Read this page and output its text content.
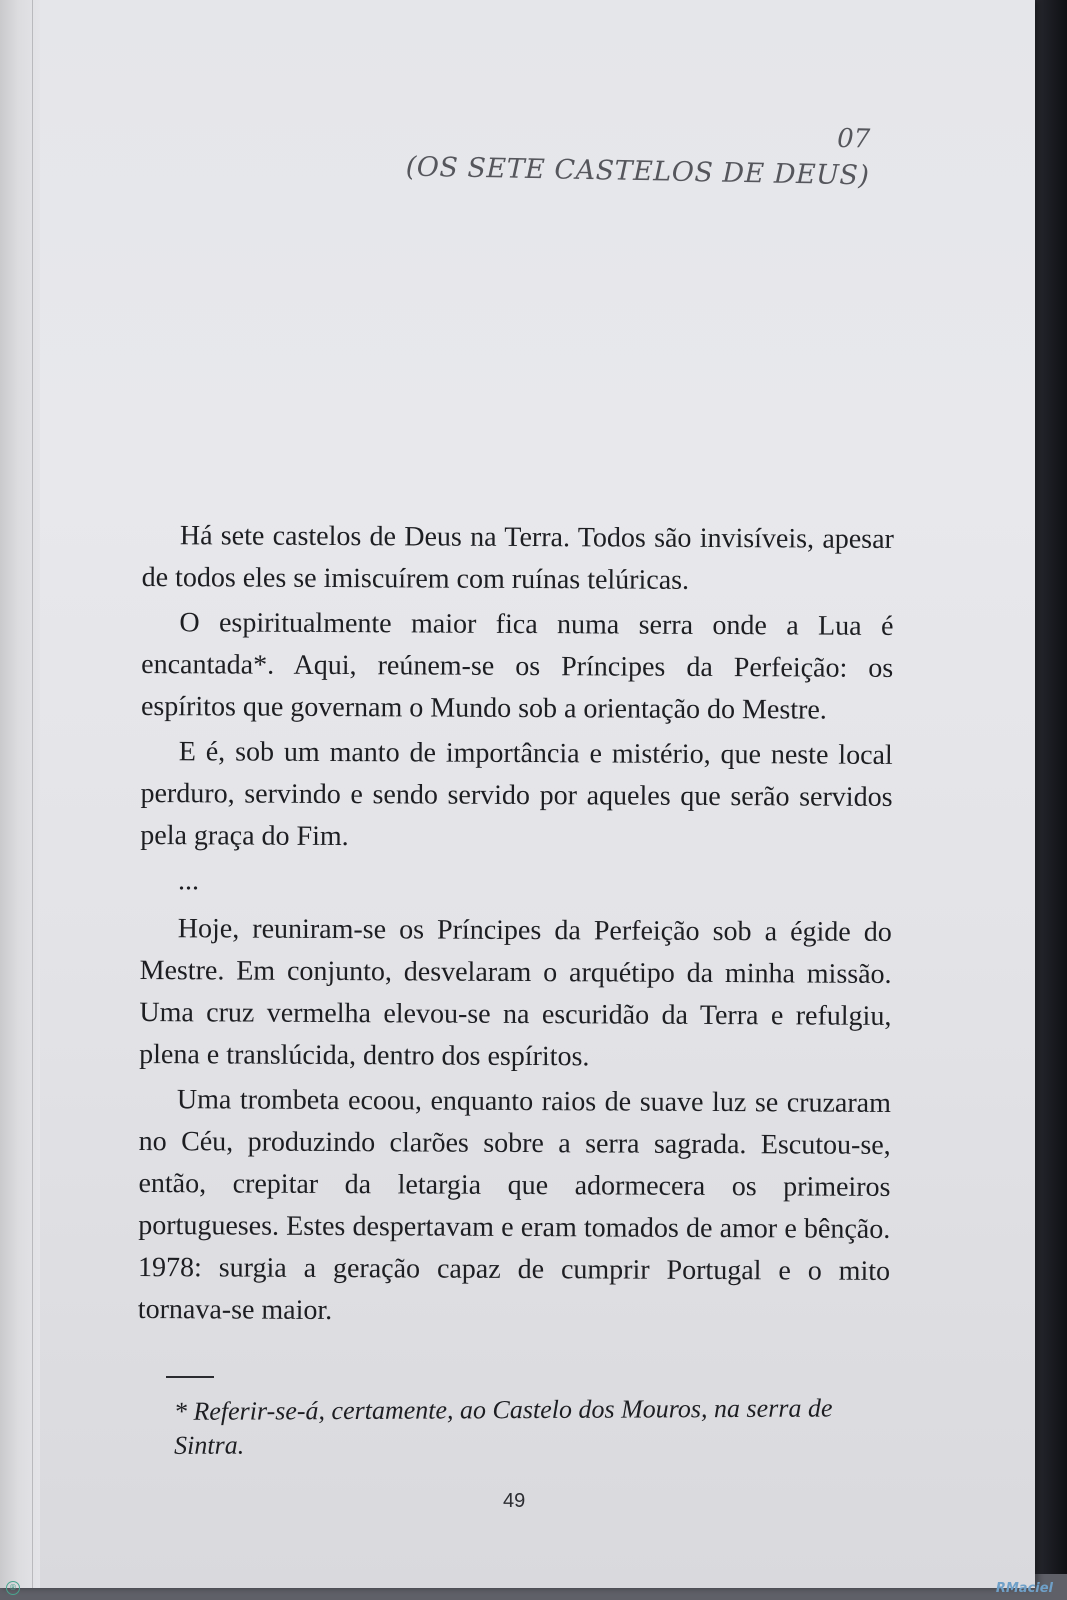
07
(OS SETE CASTELOS DE DEUS)

Há sete castelos de Deus na Terra. Todos são invisíveis, apesar de todos eles se imiscuírem com ruínas telúricas.

O espiritualmente maior fica numa serra onde a Lua é encantada*. Aqui, reúnem-se os Príncipes da Perfeição: os espíritos que governam o Mundo sob a orientação do Mestre.

E é, sob um manto de importância e mistério, que neste local perduro, servindo e sendo servido por aqueles que serão servidos pela graça do Fim.

...

Hoje, reuniram-se os Príncipes da Perfeição sob a égide do Mestre. Em conjunto, desvelaram o arquétipo da minha missão. Uma cruz vermelha elevou-se na escuridão da Terra e refulgiu, plena e translúcida, dentro dos espíritos.

Uma trombeta ecoou, enquanto raios de suave luz se cruzaram no Céu, produzindo clarões sobre a serra sagrada. Escutou-se, então, crepitar da letargia que adormecera os primeiros portugueses. Estes despertavam e eram tomados de amor e bênção. 1978: surgia a geração capaz de cumprir Portugal e o mito tornava-se maior.

* Referir-se-á, certamente, ao Castelo dos Mouros, na serra de Sintra.
49
®	RMaciel
